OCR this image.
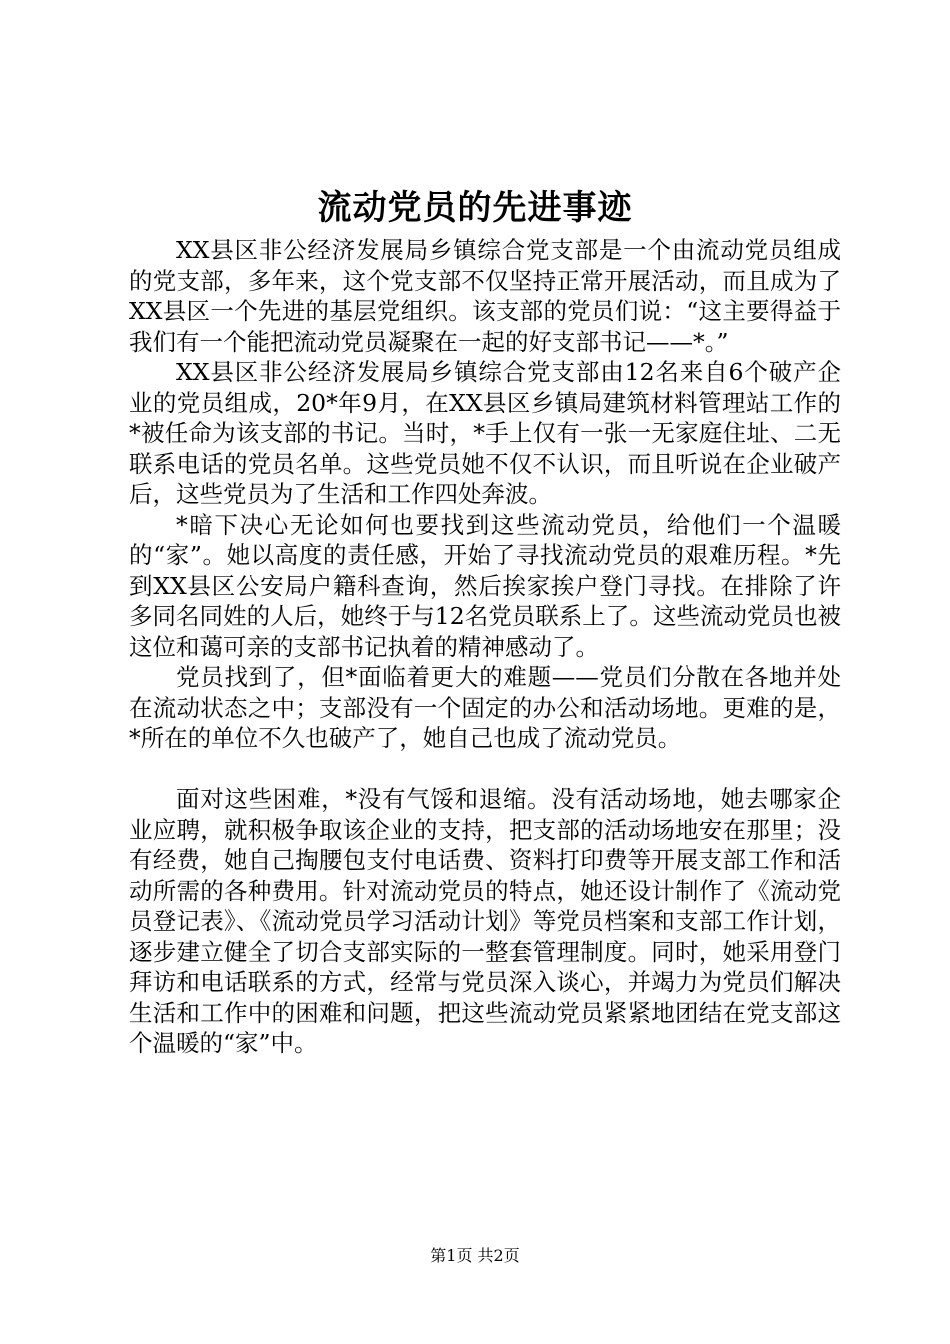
流动党员的先进事迹

XX县区非公经济发展局乡镇综合党支部是一个由流动党员组成的党支部，多年来，这个党支部不仅坚持正常开展活动，而且成为了XX县区一个先进的基层党组织。该支部的党员们说：“这主要得益于我们有一个能把流动党员凝聚在一起的好支部书记——*。”

XX县区非公经济发展局乡镇综合党支部由12名来自6个破产企业的党员组成，20*年9月，在XX县区乡镇局建筑材料管理站工作的*被任命为该支部的书记。当时，*手上仅有一张一无家庭住址、二无联系电话的党员名单。这些党员她不仅不认识，而且听说在企业破产后，这些党员为了生活和工作四处奔波。

*暗下决心无论如何也要找到这些流动党员，给他们一个温暖的“家”。她以高度的责任感，开始了寻找流动党员的艰难历程。*先到XX县区公安局户籍科查询，然后挨家挨户登门寻找。在排除了许多同名同姓的人后，她终于与12名党员联系上了。这些流动党员也被这位和蔼可亲的支部书记执着的精神感动了。

党员找到了，但*面临着更大的难题——党员们分散在各地并处在流动状态之中；支部没有一个固定的办公和活动场地。更难的是，*所在的单位不久也破产了，她自己也成了流动党员。

面对这些困难，*没有气馁和退缩。没有活动场地，她去哪家企业应聘，就积极争取该企业的支持，把支部的活动场地安在那里；没有经费，她自己掏腰包支付电话费、资料打印费等开展支部工作和活动所需的各种费用。针对流动党员的特点，她还设计制作了《流动党员登记表》、《流动党员学习活动计划》等党员档案和支部工作计划，逐步建立健全了切合支部实际的一整套管理制度。同时，她采用登门拜访和电话联系的方式，经常与党员深入谈心，并竭力为党员们解决生活和工作中的困难和问题，把这些流动党员紧紧地团结在党支部这个温暖的“家”中。

第1页 共2页
